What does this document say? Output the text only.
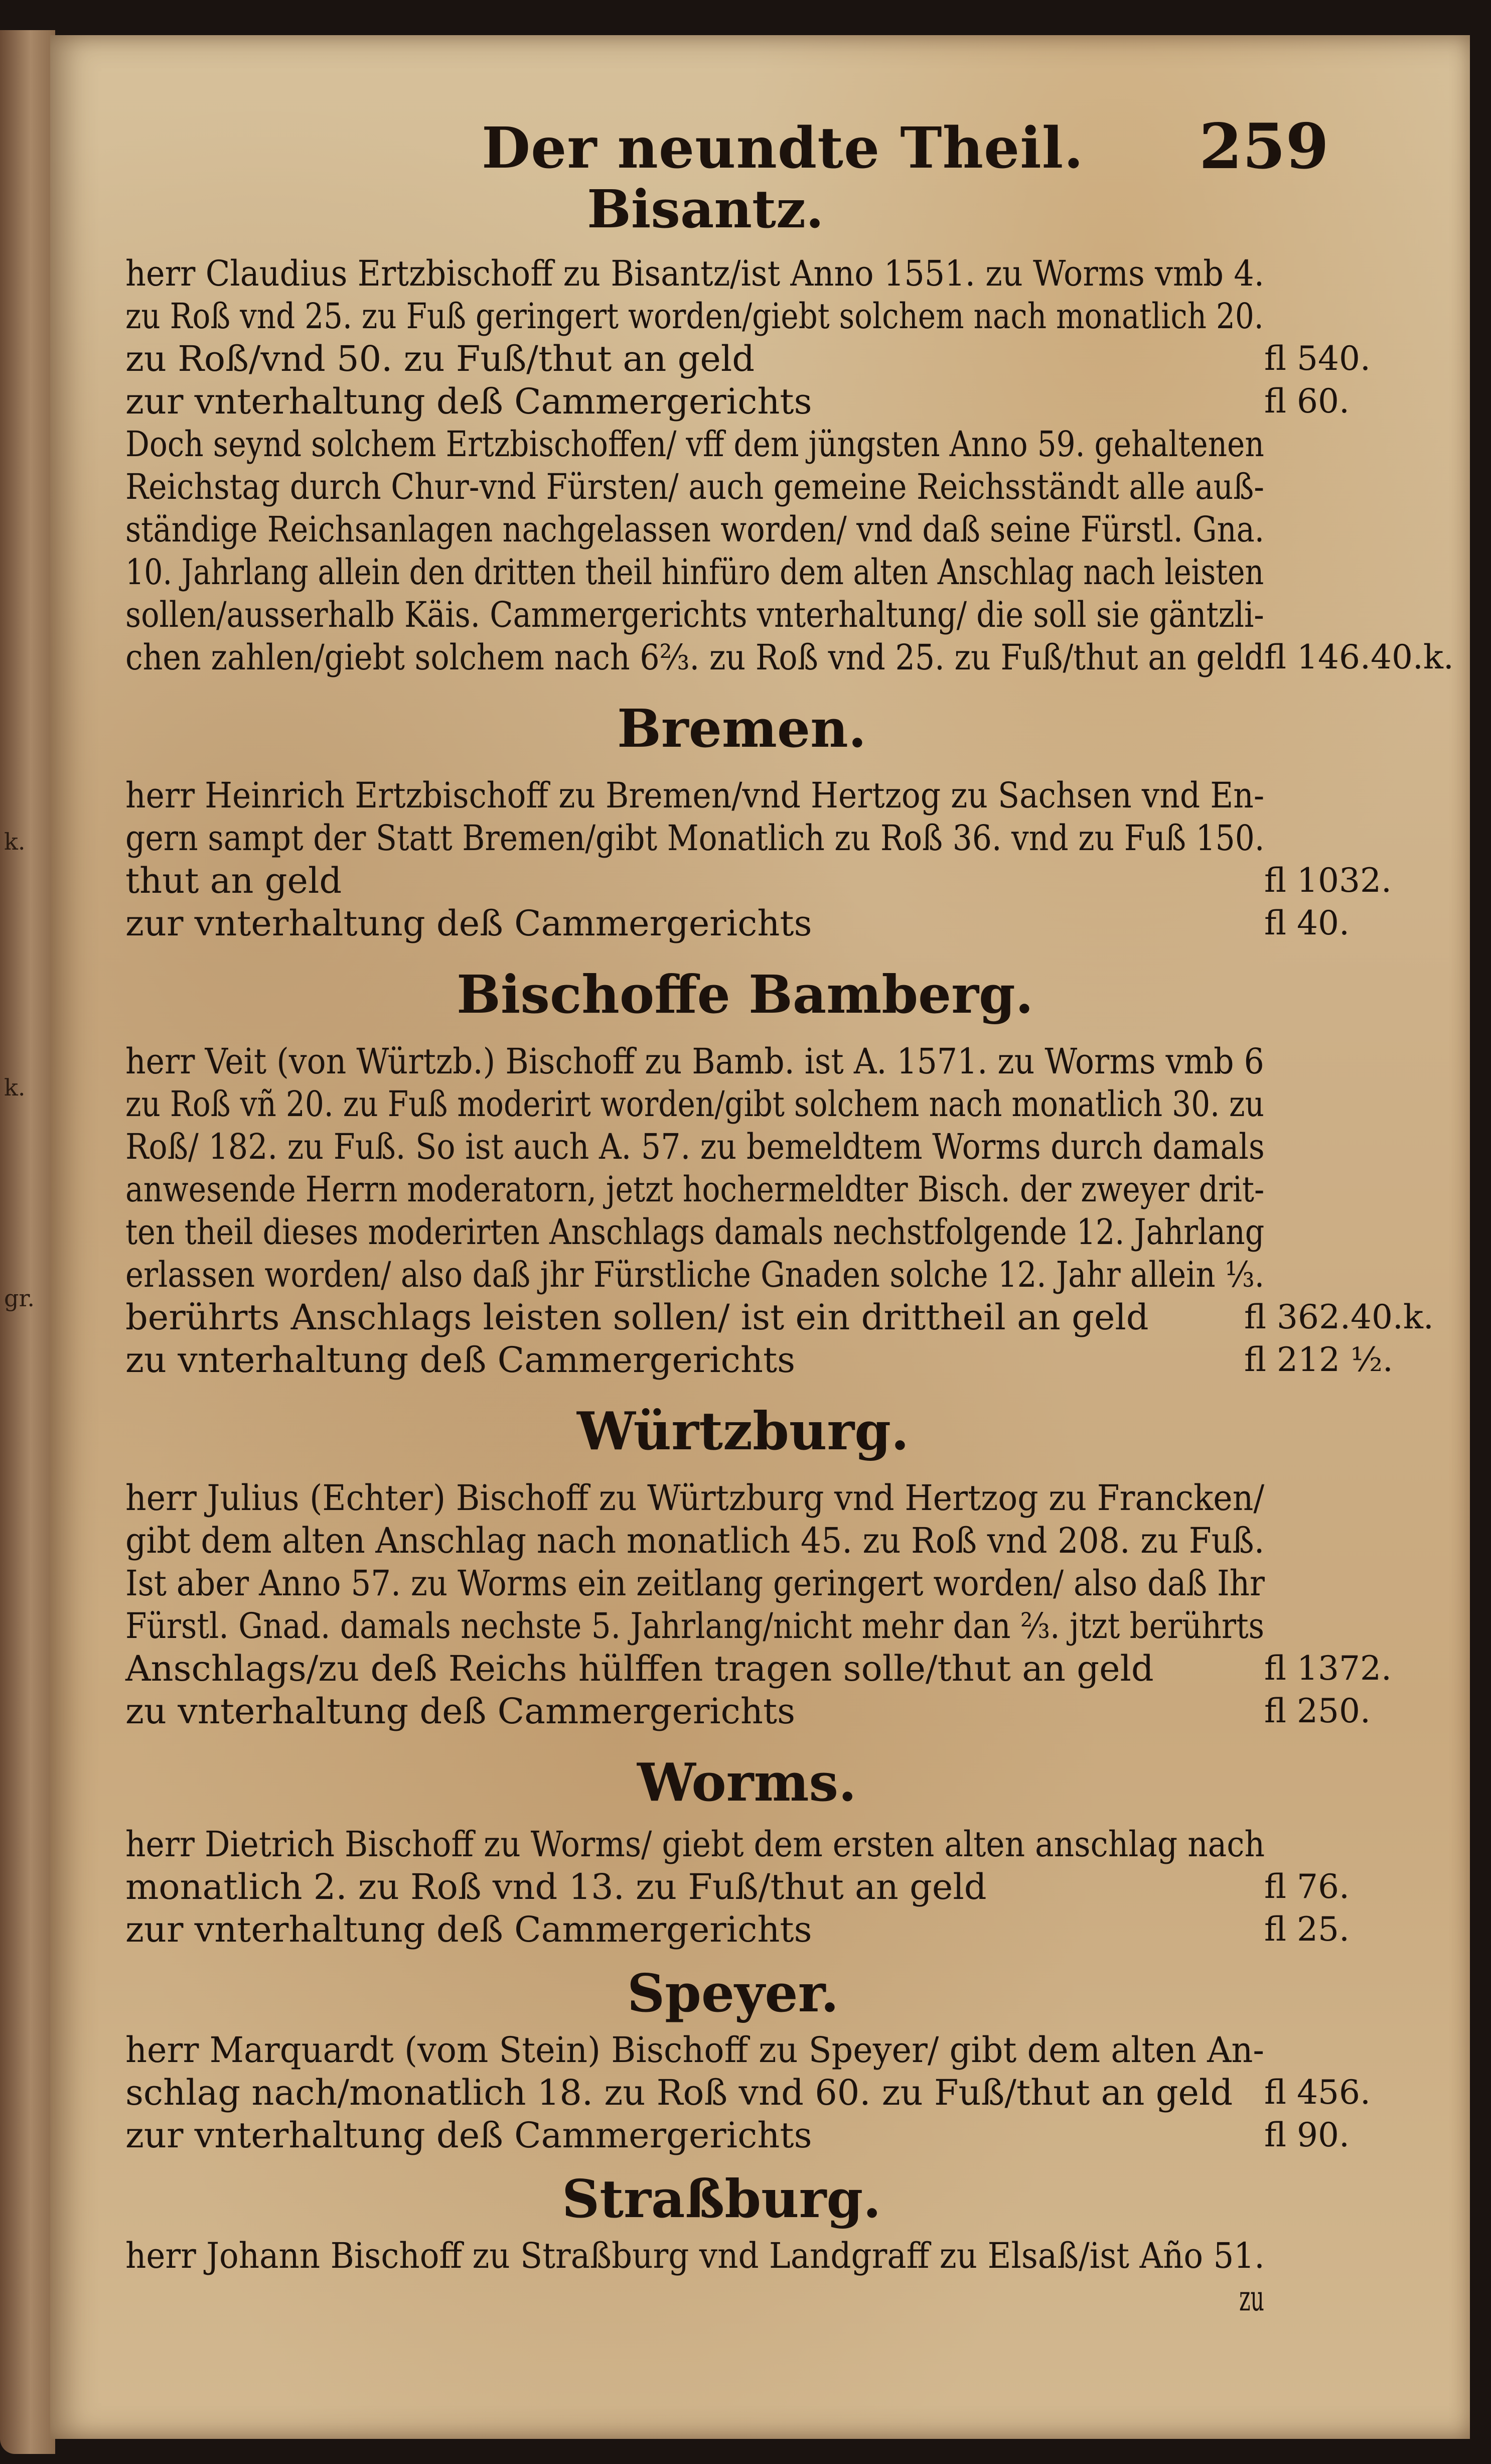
k.
k.
gr.
Der neundte Theil. 259
Bisantz.
herr Claudius Ertzbischoff zu Bisantz/ist Anno 1551. zu Worms vmb 4.
zu Roß vnd 25. zu Fuß geringert worden/giebt solchem nach monatlich 20.
zu Roß/vnd 50. zu Fuß/thut an geld
zur vnterhaltung deß Cammergerichts
Doch seynd solchem Ertzbischoffen/ vff dem jüngsten Anno 59. gehaltenen
Reichstag durch Chur-vnd Fürsten/ auch gemeine Reichsständt alle auß-
ständige Reichsanlagen nachgelassen worden/ vnd daß seine Fürstl. Gna.
10. Jahrlang allein den dritten theil hinfüro dem alten Anschlag nach leisten
sollen/ausserhalb Käis. Cammergerichts vnterhaltung/ die soll sie gäntzli-
chen zahlen/giebt solchem nach 6⅔. zu Roß vnd 25. zu Fuß/thut an geld
fl 540.
fl 60.
fl 146.40.k.
Bremen.
herr Heinrich Ertzbischoff zu Bremen/vnd Hertzog zu Sachsen vnd En-
gern sampt der Statt Bremen/gibt Monatlich zu Roß 36. vnd zu Fuß 150.
thut an geld
zur vnterhaltung deß Cammergerichts
fl 1032.
fl 40.
Bischoffe Bamberg.
herr Veit (von Würtzb.) Bischoff zu Bamb. ist A. 1571. zu Worms vmb 6
zu Roß vñ 20. zu Fuß moderirt worden/gibt solchem nach monatlich 30. zu
Roß/ 182. zu Fuß. So ist auch A. 57. zu bemeldtem Worms durch damals
anwesende Herrn moderatorn, jetzt hochermeldter Bisch. der zweyer drit-
ten theil dieses moderirten Anschlags damals nechstfolgende 12. Jahrlang
erlassen worden/ also daß jhr Fürstliche Gnaden solche 12. Jahr allein ⅓.
berührts Anschlags leisten sollen/ ist ein drittheil an geld
zu vnterhaltung deß Cammergerichts
fl 362.40.k.
fl 212 ½.
Würtzburg.
herr Julius (Echter) Bischoff zu Würtzburg vnd Hertzog zu Francken/
gibt dem alten Anschlag nach monatlich 45. zu Roß vnd 208. zu Fuß.
Ist aber Anno 57. zu Worms ein zeitlang geringert worden/ also daß Ihr
Fürstl. Gnad. damals nechste 5. Jahrlang/nicht mehr dan ⅔. jtzt berührts
Anschlags/zu deß Reichs hülffen tragen solle/thut an geld
zu vnterhaltung deß Cammergerichts
fl 1372.
fl 250.
Worms.
herr Dietrich Bischoff zu Worms/ giebt dem ersten alten anschlag nach
monatlich 2. zu Roß vnd 13. zu Fuß/thut an geld
zur vnterhaltung deß Cammergerichts
fl 76.
fl 25.
Speyer.
herr Marquardt (vom Stein) Bischoff zu Speyer/ gibt dem alten An-
schlag nach/monatlich 18. zu Roß vnd 60. zu Fuß/thut an geld
zur vnterhaltung deß Cammergerichts
fl 456.
fl 90.
Straßburg.
herr Johann Bischoff zu Straßburg vnd Landgraff zu Elsaß/ist Año 51.
zu
